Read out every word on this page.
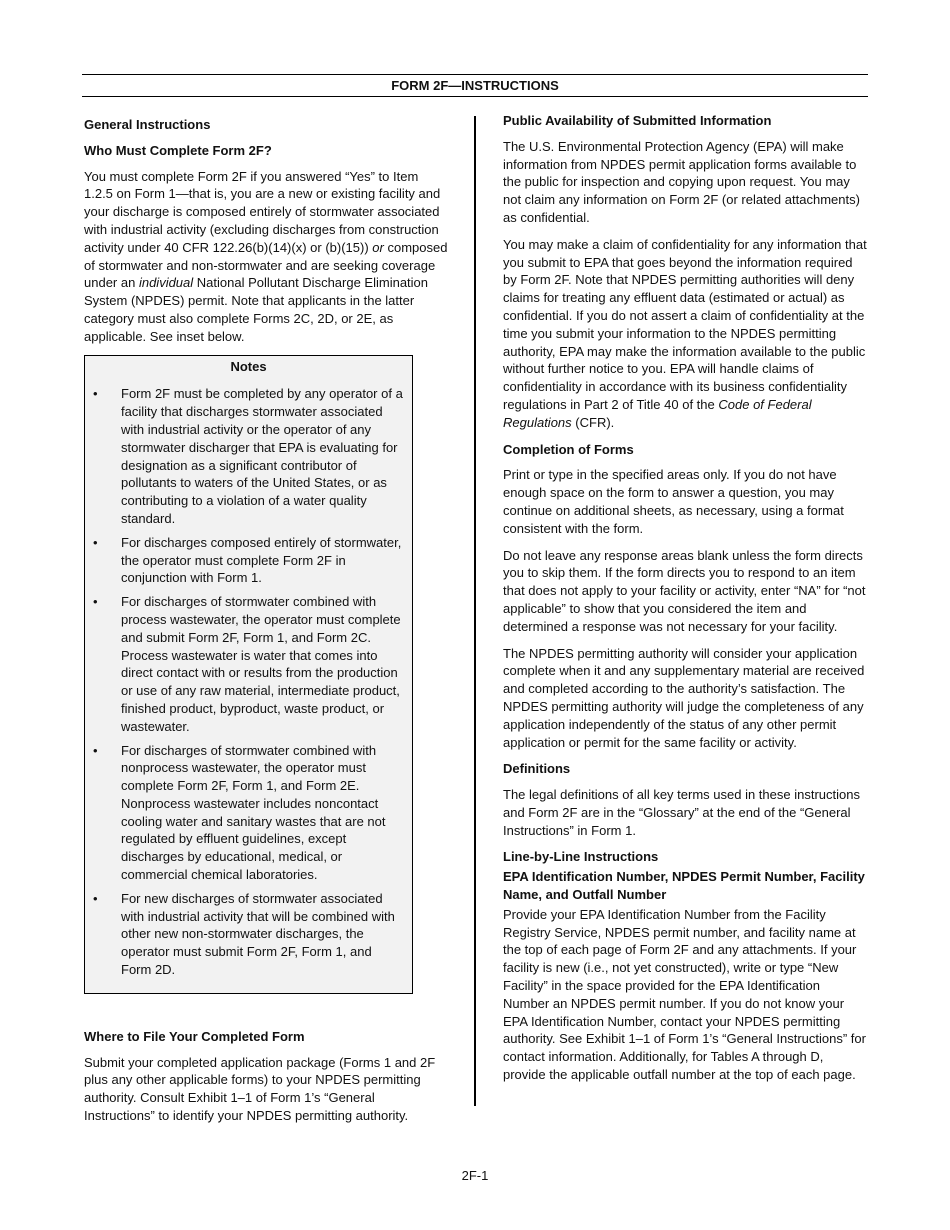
FORM 2F—INSTRUCTIONS
General Instructions
Who Must Complete Form 2F?

You must complete Form 2F if you answered “Yes” to Item 1.2.5 on Form 1—that is, you are a new or existing facility and your discharge is composed entirely of stormwater associated with industrial activity (excluding discharges from construction activity under 40 CFR 122.26(b)(14)(x) or (b)(15)) or composed of stormwater and non-stormwater and are seeking coverage under an individual National Pollutant Discharge Elimination System (NPDES) permit. Note that applicants in the latter category must also complete Forms 2C, 2D, or 2E, as applicable. See inset below.

Notes
• Form 2F must be completed by any operator of a facility that discharges stormwater associated with industrial activity or the operator of any stormwater discharger that EPA is evaluating for designation as a significant contributor of pollutants to waters of the United States, or as contributing to a violation of a water quality standard.
• For discharges composed entirely of stormwater, the operator must complete Form 2F in conjunction with Form 1.
• For discharges of stormwater combined with process wastewater, the operator must complete and submit Form 2F, Form 1, and Form 2C. Process wastewater is water that comes into direct contact with or results from the production or use of any raw material, intermediate product, finished product, byproduct, waste product, or wastewater.
• For discharges of stormwater combined with nonprocess wastewater, the operator must complete Form 2F, Form 1, and Form 2E. Nonprocess wastewater includes noncontact cooling water and sanitary wastes that are not regulated by effluent guidelines, except discharges by educational, medical, or commercial chemical laboratories.
• For new discharges of stormwater associated with industrial activity that will be combined with other new non-stormwater discharges, the operator must submit Form 2F, Form 1, and Form 2D.
Where to File Your Completed Form

Submit your completed application package (Forms 1 and 2F plus any other applicable forms) to your NPDES permitting authority. Consult Exhibit 1–1 of Form 1’s “General Instructions” to identify your NPDES permitting authority.

Public Availability of Submitted Information

The U.S. Environmental Protection Agency (EPA) will make information from NPDES permit application forms available to the public for inspection and copying upon request. You may not claim any information on Form 2F (or related attachments) as confidential.

You may make a claim of confidentiality for any information that you submit to EPA that goes beyond the information required by Form 2F. Note that NPDES permitting authorities will deny claims for treating any effluent data (estimated or actual) as confidential. If you do not assert a claim of confidentiality at the time you submit your information to the NPDES permitting authority, EPA may make the information available to the public without further notice to you. EPA will handle claims of confidentiality in accordance with its business confidentiality regulations in Part 2 of Title 40 of the Code of Federal Regulations (CFR).

Completion of Forms

Print or type in the specified areas only. If you do not have enough space on the form to answer a question, you may continue on additional sheets, as necessary, using a format consistent with the form.

Do not leave any response areas blank unless the form directs you to skip them. If the form directs you to respond to an item that does not apply to your facility or activity, enter “NA” for “not applicable” to show that you considered the item and determined a response was not necessary for your facility.

The NPDES permitting authority will consider your application complete when it and any supplementary material are received and completed according to the authority’s satisfaction. The NPDES permitting authority will judge the completeness of any application independently of the status of any other permit application or permit for the same facility or activity.

Definitions

The legal definitions of all key terms used in these instructions and Form 2F are in the “Glossary” at the end of the “General Instructions” in Form 1.

Line-by-Line Instructions
EPA Identification Number, NPDES Permit Number, Facility Name, and Outfall Number

Provide your EPA Identification Number from the Facility Registry Service, NPDES permit number, and facility name at the top of each page of Form 2F and any attachments. If your facility is new (i.e., not yet constructed), write or type “New Facility” in the space provided for the EPA Identification Number an NPDES permit number. If you do not know your EPA Identification Number, contact your NPDES permitting authority. See Exhibit 1–1 of Form 1’s “General Instructions” for contact information. Additionally, for Tables A through D, provide the applicable outfall number at the top of each page.

2F-1
